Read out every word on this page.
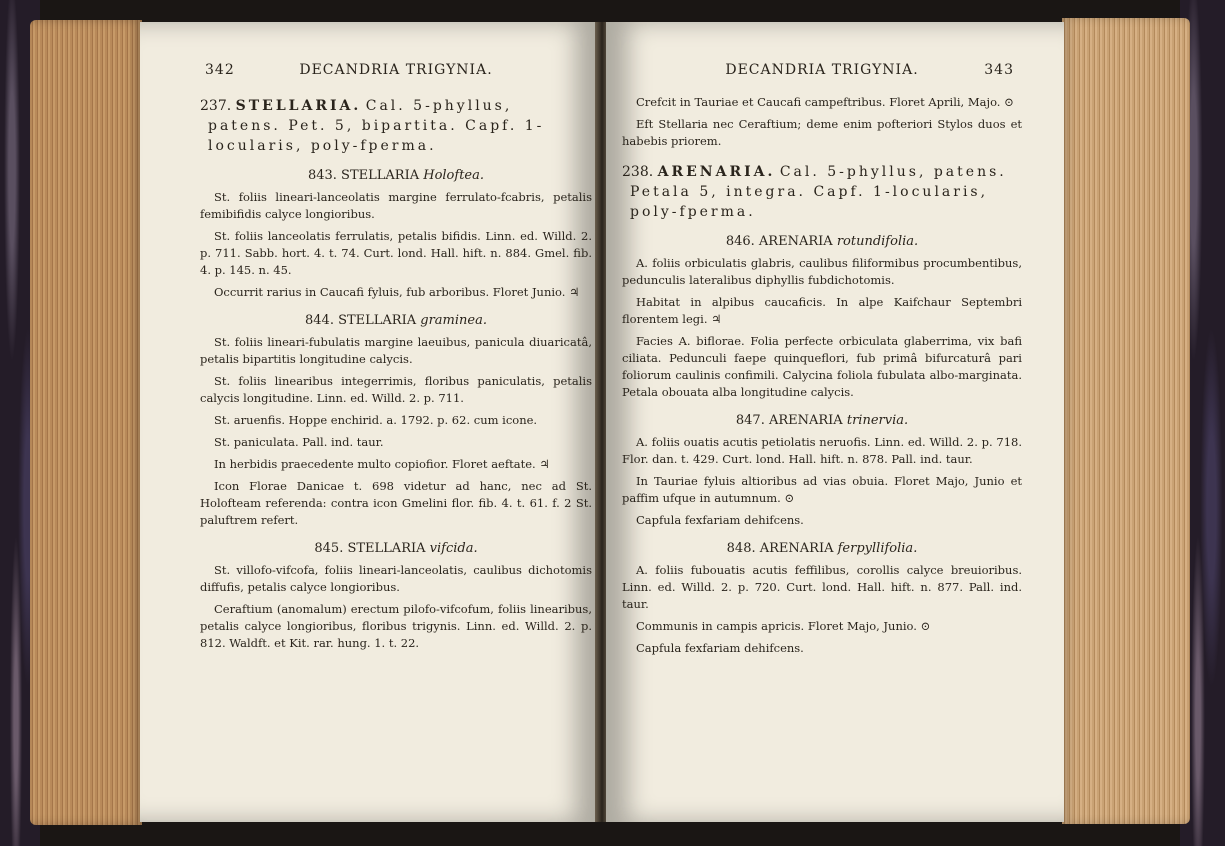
342	DECANDRIA TRIGYNIA.
237. STELLARIA. Cal. 5-phyllus, patens. Pet. 5, bipartita. Capf. 1-locularis, poly-fperma.
843. STELLARIA Holoftea.

St. foliis lineari-lanceolatis margine ferrulato-fcabris, petalis femibifidis calyce longioribus.

St. foliis lanceolatis ferrulatis, petalis bifidis. Linn. ed. Willd. 2. p. 711. Sabb. hort. 4. t. 74. Curt. lond. Hall. hift. n. 884. Gmel. fib. 4. p. 145. n. 45.

Occurrit rarius in Caucafi fyluis, fub arboribus. Floret Junio. ♃

844. STELLARIA graminea.

St. foliis lineari-fubulatis margine laeuibus, panicula diuaricatâ, petalis bipartitis longitudine calycis.

St. foliis linearibus integerrimis, floribus paniculatis, petalis calycis longitudine. Linn. ed. Willd. 2. p. 711.

St. aruenfis. Hoppe enchirid. a. 1792. p. 62. cum icone.

St. paniculata. Pall. ind. taur.

In herbidis praecedente multo copiofior. Floret aeftate. ♃

Icon Florae Danicae t. 698 videtur ad hanc, nec ad St. Holofteam referenda: contra icon Gmelini flor. fib. 4. t. 61. f. 2 St. paluftrem refert.

845. STELLARIA vifcida.

St. villofo-vifcofa, foliis lineari-lanceolatis, caulibus dichotomis diffufis, petalis calyce longioribus.

Ceraftium (anomalum) erectum pilofo-vifcofum, foliis linearibus, petalis calyce longioribus, floribus trigynis. Linn. ed. Willd. 2. p. 812. Waldft. et Kit. rar. hung. 1. t. 22.

DECANDRIA TRIGYNIA.	343

Crefcit in Tauriae et Caucafi campeftribus. Floret Aprili, Majo. ⊙

Eft Stellaria nec Ceraftium; deme enim pofteriori Stylos duos et habebis priorem.

238. ARENARIA. Cal. 5-phyllus, patens. Petala 5, integra. Capf. 1-locularis, poly-fperma.
846. ARENARIA rotundifolia.

A. foliis orbiculatis glabris, caulibus filiformibus procumbentibus, pedunculis lateralibus diphyllis fubdichotomis.

Habitat in alpibus caucaficis. In alpe Kaifchaur Septembri florentem legi. ♃

Facies A. biflorae. Folia perfecte orbiculata glaberrima, vix bafi ciliata. Pedunculi faepe quinqueflori, fub primâ bifurcaturâ pari foliorum caulinis confimili. Calycina foliola fubulata albo-marginata. Petala obouata alba longitudine calycis.

847. ARENARIA trinervia.

A. foliis ouatis acutis petiolatis neruofis. Linn. ed. Willd. 2. p. 718. Flor. dan. t. 429. Curt. lond. Hall. hift. n. 878. Pall. ind. taur.

In Tauriae fyluis altioribus ad vias obuia. Floret Majo, Junio et paffim ufque in autumnum. ⊙

Capfula fexfariam dehifcens.

848. ARENARIA ferpyllifolia.

A. foliis fubouatis acutis feffilibus, corollis calyce breuioribus. Linn. ed. Willd. 2. p. 720. Curt. lond. Hall. hift. n. 877. Pall. ind. taur.

Communis in campis apricis. Floret Majo, Junio. ⊙

Capfula fexfariam dehifcens.
